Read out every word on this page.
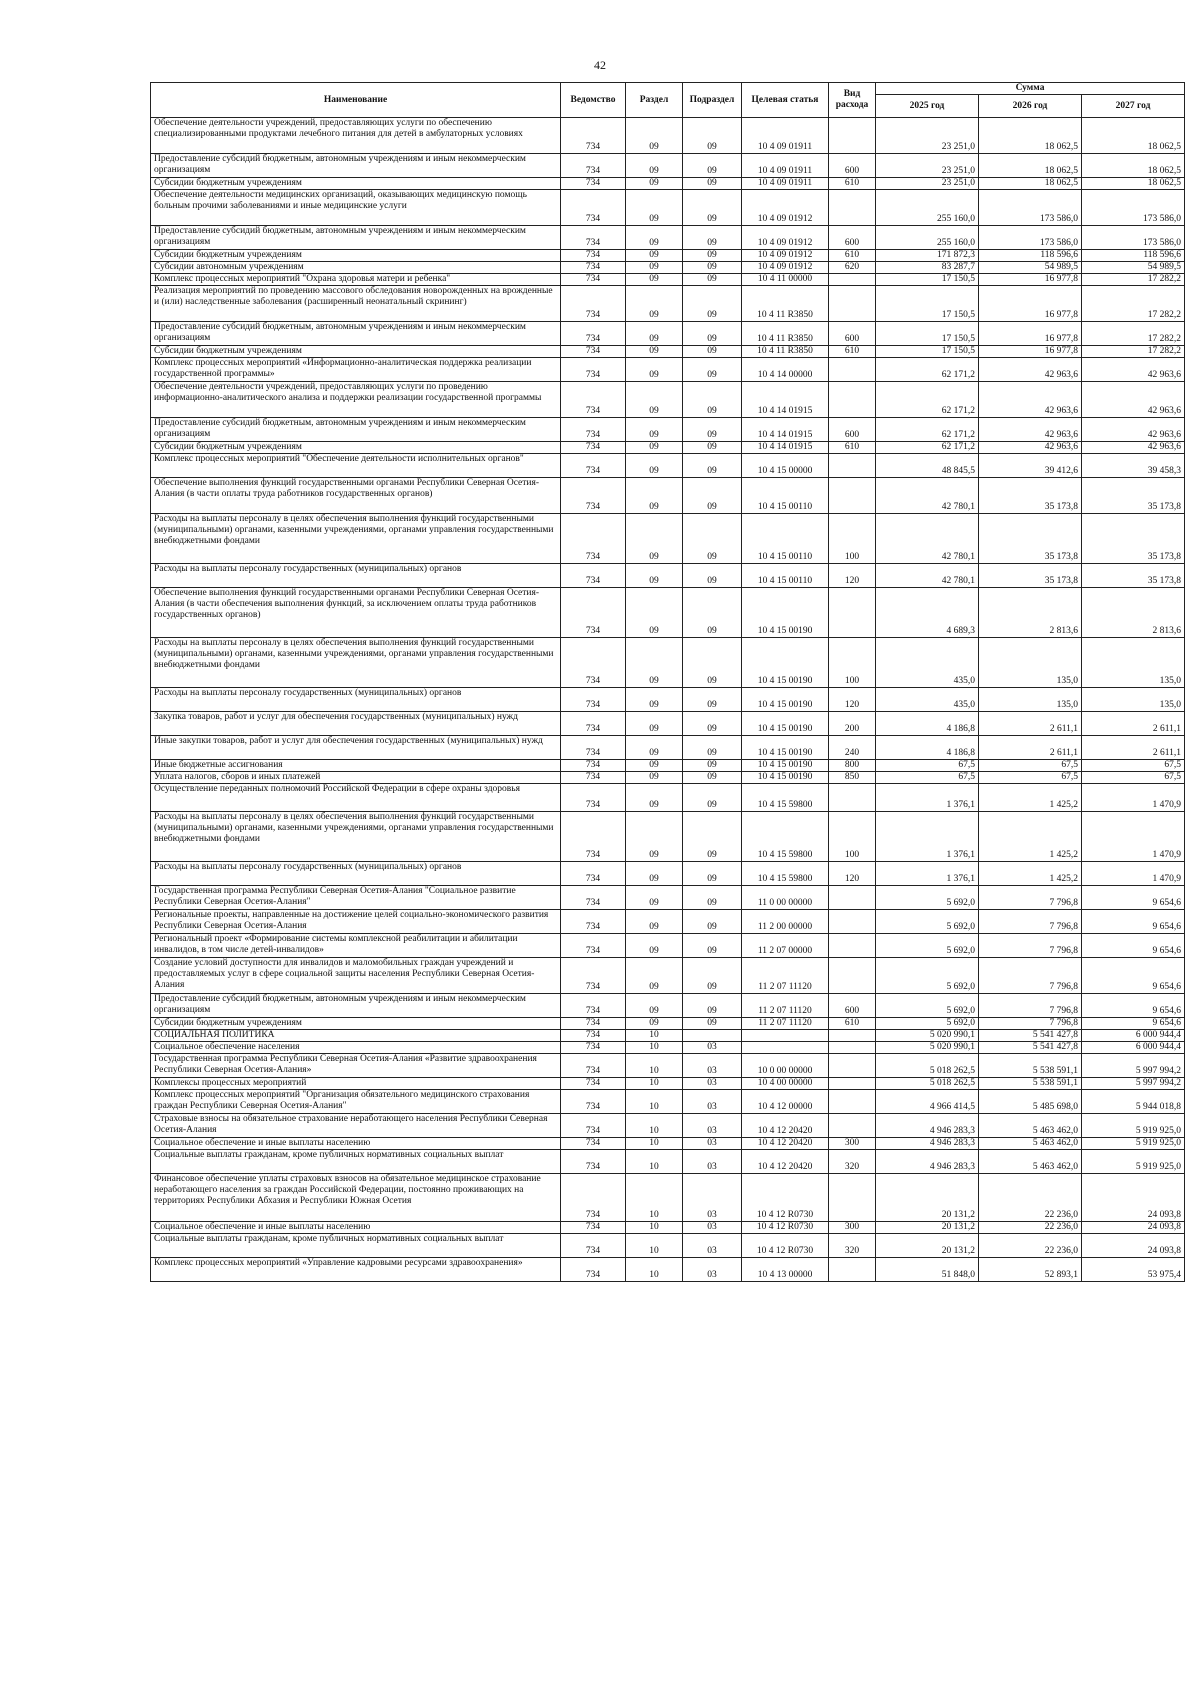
42
Наименование	Ведомство	Раздел	Подраздел	Целевая статья	Вид расхода	Сумма		
						2025 год	2026 год	2027 год
Обеспечение деятельности учреждений, предоставляющих услуги по обеспечению специализированными продуктами лечебного питания для детей в амбулаторных условиях	734	09	09	10 4 09 01911		23 251,0	18 062,5	18 062,5
Предоставление субсидий бюджетным, автономным учреждениям и иным некоммерческим организациям	734	09	09	10 4 09 01911	600	23 251,0	18 062,5	18 062,5
Субсидии бюджетным учреждениям	734	09	09	10 4 09 01911	610	23 251,0	18 062,5	18 062,5
Обеспечение деятельности медицинских организаций, оказывающих медицинскую помощь больным прочими заболеваниями и иные медицинские услуги	734	09	09	10 4 09 01912		255 160,0	173 586,0	173 586,0
Предоставление субсидий бюджетным, автономным учреждениям и иным некоммерческим организациям	734	09	09	10 4 09 01912	600	255 160,0	173 586,0	173 586,0
Субсидии бюджетным учреждениям	734	09	09	10 4 09 01912	610	171 872,3	118 596,6	118 596,6
Субсидии автономным учреждениям	734	09	09	10 4 09 01912	620	83 287,7	54 989,5	54 989,5
Комплекс процессных мероприятий "Охрана здоровья матери и ребенка"	734	09	09	10 4 11 00000		17 150,5	16 977,8	17 282,2
Реализация мероприятий по проведению массового обследования новорожденных на врожденные и (или) наследственные заболевания (расширенный неонатальный скрининг)	734	09	09	10 4 11 R3850		17 150,5	16 977,8	17 282,2
Предоставление субсидий бюджетным, автономным учреждениям и иным некоммерческим организациям	734	09	09	10 4 11 R3850	600	17 150,5	16 977,8	17 282,2
Субсидии бюджетным учреждениям	734	09	09	10 4 11 R3850	610	17 150,5	16 977,8	17 282,2
Комплекс процессных мероприятий «Информационно-аналитическая поддержка реализации государственной программы»	734	09	09	10 4 14 00000		62 171,2	42 963,6	42 963,6
Обеспечение деятельности учреждений, предоставляющих услуги по проведению информационно-аналитического анализа и поддержки реализации государственной программы	734	09	09	10 4 14 01915		62 171,2	42 963,6	42 963,6
Предоставление субсидий бюджетным, автономным учреждениям и иным некоммерческим организациям	734	09	09	10 4 14 01915	600	62 171,2	42 963,6	42 963,6
Субсидии бюджетным учреждениям	734	09	09	10 4 14 01915	610	62 171,2	42 963,6	42 963,6
Комплекс процессных мероприятий "Обеспечение деятельности исполнительных органов"	734	09	09	10 4 15 00000		48 845,5	39 412,6	39 458,3
Обеспечение выполнения функций государственными органами Республики Северная Осетия-Алания (в части оплаты труда работников государственных органов)	734	09	09	10 4 15 00110		42 780,1	35 173,8	35 173,8
Расходы на выплаты персоналу в целях обеспечения выполнения функций государственными (муниципальными) органами, казенными учреждениями, органами управления государственными внебюджетными фондами	734	09	09	10 4 15 00110	100	42 780,1	35 173,8	35 173,8
Расходы на выплаты персоналу государственных (муниципальных) органов	734	09	09	10 4 15 00110	120	42 780,1	35 173,8	35 173,8
Обеспечение выполнения функций государственными органами Республики Северная Осетия-Алания (в части обеспечения выполнения функций, за исключением оплаты труда работников государственных органов)	734	09	09	10 4 15 00190		4 689,3	2 813,6	2 813,6
Расходы на выплаты персоналу в целях обеспечения выполнения функций государственными (муниципальными) органами, казенными учреждениями, органами управления государственными внебюджетными фондами	734	09	09	10 4 15 00190	100	435,0	135,0	135,0
Расходы на выплаты персоналу государственных (муниципальных) органов	734	09	09	10 4 15 00190	120	435,0	135,0	135,0
Закупка товаров, работ и услуг для обеспечения государственных (муниципальных) нужд	734	09	09	10 4 15 00190	200	4 186,8	2 611,1	2 611,1
Иные закупки товаров, работ и услуг для обеспечения государственных (муниципальных) нужд	734	09	09	10 4 15 00190	240	4 186,8	2 611,1	2 611,1
Иные бюджетные ассигнования	734	09	09	10 4 15 00190	800	67,5	67,5	67,5
Уплата налогов, сборов и иных платежей	734	09	09	10 4 15 00190	850	67,5	67,5	67,5
Осуществление переданных полномочий Российской Федерации в сфере охраны здоровья	734	09	09	10 4 15 59800		1 376,1	1 425,2	1 470,9
Расходы на выплаты персоналу в целях обеспечения выполнения функций государственными (муниципальными) органами, казенными учреждениями, органами управления государственными внебюджетными фондами	734	09	09	10 4 15 59800	100	1 376,1	1 425,2	1 470,9
Расходы на выплаты персоналу государственных (муниципальных) органов	734	09	09	10 4 15 59800	120	1 376,1	1 425,2	1 470,9
Государственная программа Республики Северная Осетия-Алания "Социальное развитие Республики Северная Осетия-Алания"	734	09	09	11 0 00 00000		5 692,0	7 796,8	9 654,6
Региональные проекты, направленные на достижение целей социально-экономического развития Республики Северная Осетия-Алания	734	09	09	11 2 00 00000		5 692,0	7 796,8	9 654,6
Региональный проект «Формирование системы комплексной реабилитации и абилитации инвалидов, в том числе детей-инвалидов»	734	09	09	11 2 07 00000		5 692,0	7 796,8	9 654,6
Создание условий доступности для инвалидов и маломобильных граждан учреждений и предоставляемых услуг в сфере социальной защиты населения Республики Северная Осетия-Алания	734	09	09	11 2 07 11120		5 692,0	7 796,8	9 654,6
Предоставление субсидий бюджетным, автономным учреждениям и иным некоммерческим организациям	734	09	09	11 2 07 11120	600	5 692,0	7 796,8	9 654,6
Субсидии бюджетным учреждениям	734	09	09	11 2 07 11120	610	5 692,0	7 796,8	9 654,6
СОЦИАЛЬНАЯ ПОЛИТИКА	734	10				5 020 990,1	5 541 427,8	6 000 944,4
Социальное обеспечение населения	734	10	03			5 020 990,1	5 541 427,8	6 000 944,4
Государственная программа Республики Северная Осетия-Алания «Развитие здравоохранения Республики Северная Осетия-Алания»	734	10	03	10 0 00 00000		5 018 262,5	5 538 591,1	5 997 994,2
Комплексы процессных мероприятий	734	10	03	10 4 00 00000		5 018 262,5	5 538 591,1	5 997 994,2
Комплекс процессных мероприятий "Организация обязательного медицинского страхования граждан Республики Северная Осетия-Алания"	734	10	03	10 4 12 00000		4 966 414,5	5 485 698,0	5 944 018,8
Страховые взносы на обязательное страхование неработающего населения Республики Северная Осетия-Алания	734	10	03	10 4 12 20420		4 946 283,3	5 463 462,0	5 919 925,0
Социальное обеспечение и иные выплаты населению	734	10	03	10 4 12 20420	300	4 946 283,3	5 463 462,0	5 919 925,0
Социальные выплаты гражданам, кроме публичных нормативных социальных выплат	734	10	03	10 4 12 20420	320	4 946 283,3	5 463 462,0	5 919 925,0
Финансовое обеспечение уплаты страховых взносов на обязательное медицинское страхование неработающего населения за граждан Российской Федерации, постоянно проживающих на территориях Республики Абхазия и Республики Южная Осетия	734	10	03	10 4 12 R0730		20 131,2	22 236,0	24 093,8
Социальное обеспечение и иные выплаты населению	734	10	03	10 4 12 R0730	300	20 131,2	22 236,0	24 093,8
Социальные выплаты гражданам, кроме публичных нормативных социальных выплат	734	10	03	10 4 12 R0730	320	20 131,2	22 236,0	24 093,8
Комплекс процессных мероприятий «Управление кадровыми ресурсами здравоохранения»	734	10	03	10 4 13 00000		51 848,0	52 893,1	53 975,4
